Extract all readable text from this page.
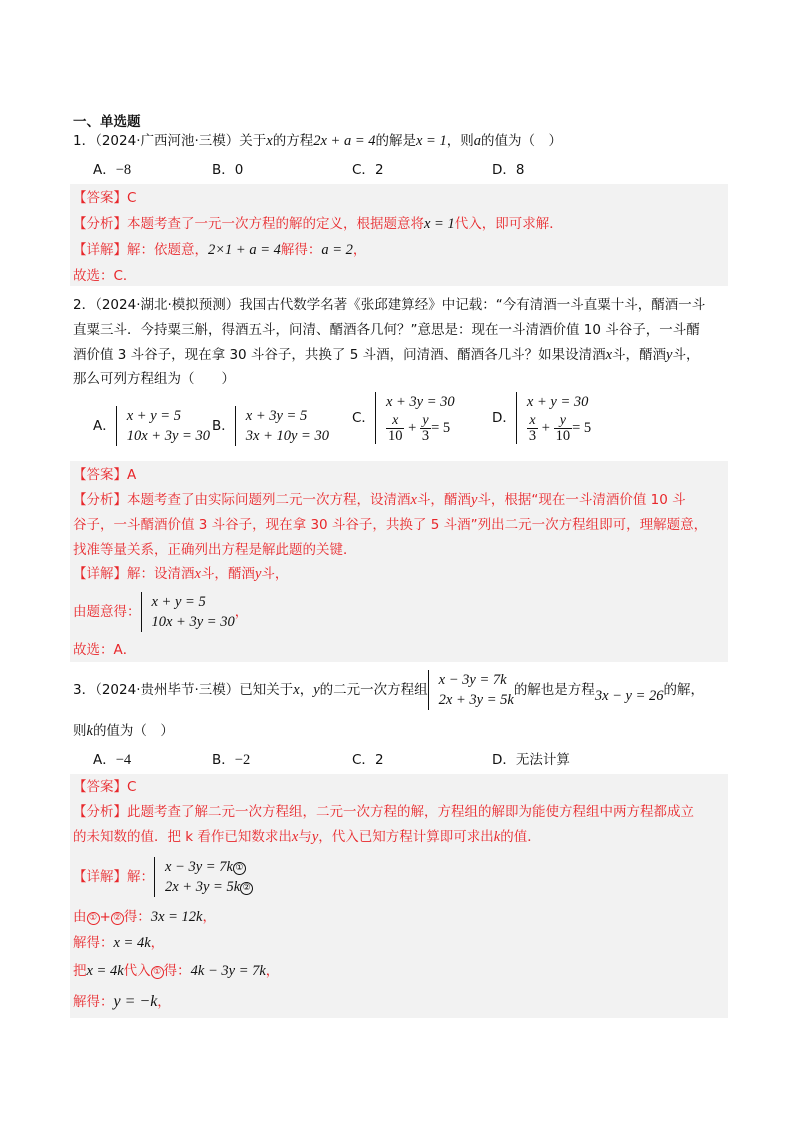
一、单选题
1．（2024·广西河池·三模）关于x的方程2x + a = 4的解是x = 1，则a的值为（　）
A．−8	B．0	C．2	D．8
【答案】C
【分析】本题考查了一元一次方程的解的定义，根据题意将x = 1代入，即可求解．
【详解】解：依题意，2×1 + a = 4解得：a = 2，
故选：C．
2．（2024·湖北·模拟预测）我国古代数学名著《张邱建算经》中记载：“今有清酒一斗直粟十斗，醑酒一斗
直粟三斗．今持粟三斛，得酒五斗，问清、醑酒各几何？”意思是：现在一斗清酒价值 10 斗谷子，一斗醑
酒价值 3 斗谷子，现在拿 30 斗谷子，共换了 5 斗酒，问清酒、醑酒各几斗？如果设清酒x斗，醑酒y斗，
那么可列方程组为（　　）
A．
x + y = 5
10x + 3y = 30
B．
x + 3y = 5
3x + 10y = 30
C．
x + 3y = 30
$\frac{x}{10} + \frac{y}{3} = 5$
D．
x + y = 30
$\frac{x}{3} + \frac{y}{10} = 5$
【答案】A
【分析】本题考查了由实际问题列二元一次方程，设清酒x斗，醑酒y斗，根据“现在一斗清酒价值 10 斗
谷子，一斗醑酒价值 3 斗谷子，现在拿 30 斗谷子，共换了 5 斗酒”列出二元一次方程组即可，理解题意，
找准等量关系，正确列出方程是解此题的关键．
【详解】解：设清酒x斗，醑酒y斗，
由题意得：
x + y = 5
10x + 3y = 30
，
故选：A．
3．（2024·贵州毕节·三模）已知关于x，y的二元一次方程组
x − 3y = 7k
2x + 3y = 5k
的解也是方程3x − y = 26的解，
则k的值为（　）
A．−4	B．−2	C．2	D．无法计算
【答案】C
【分析】此题考查了解二元一次方程组，二元一次方程的解，方程组的解即为能使方程组中两方程都成立
的未知数的值．把 k 看作已知数求出x与y，代入已知方程计算即可求出k的值．
【详解】解：
x − 3y = 7k ①
2x + 3y = 5k ②
由 ① + ② 得：3x = 12k，
解得：x = 4k，
把x = 4k代入 ① 得：4k − 3y = 7k，
解得：y = −k，
